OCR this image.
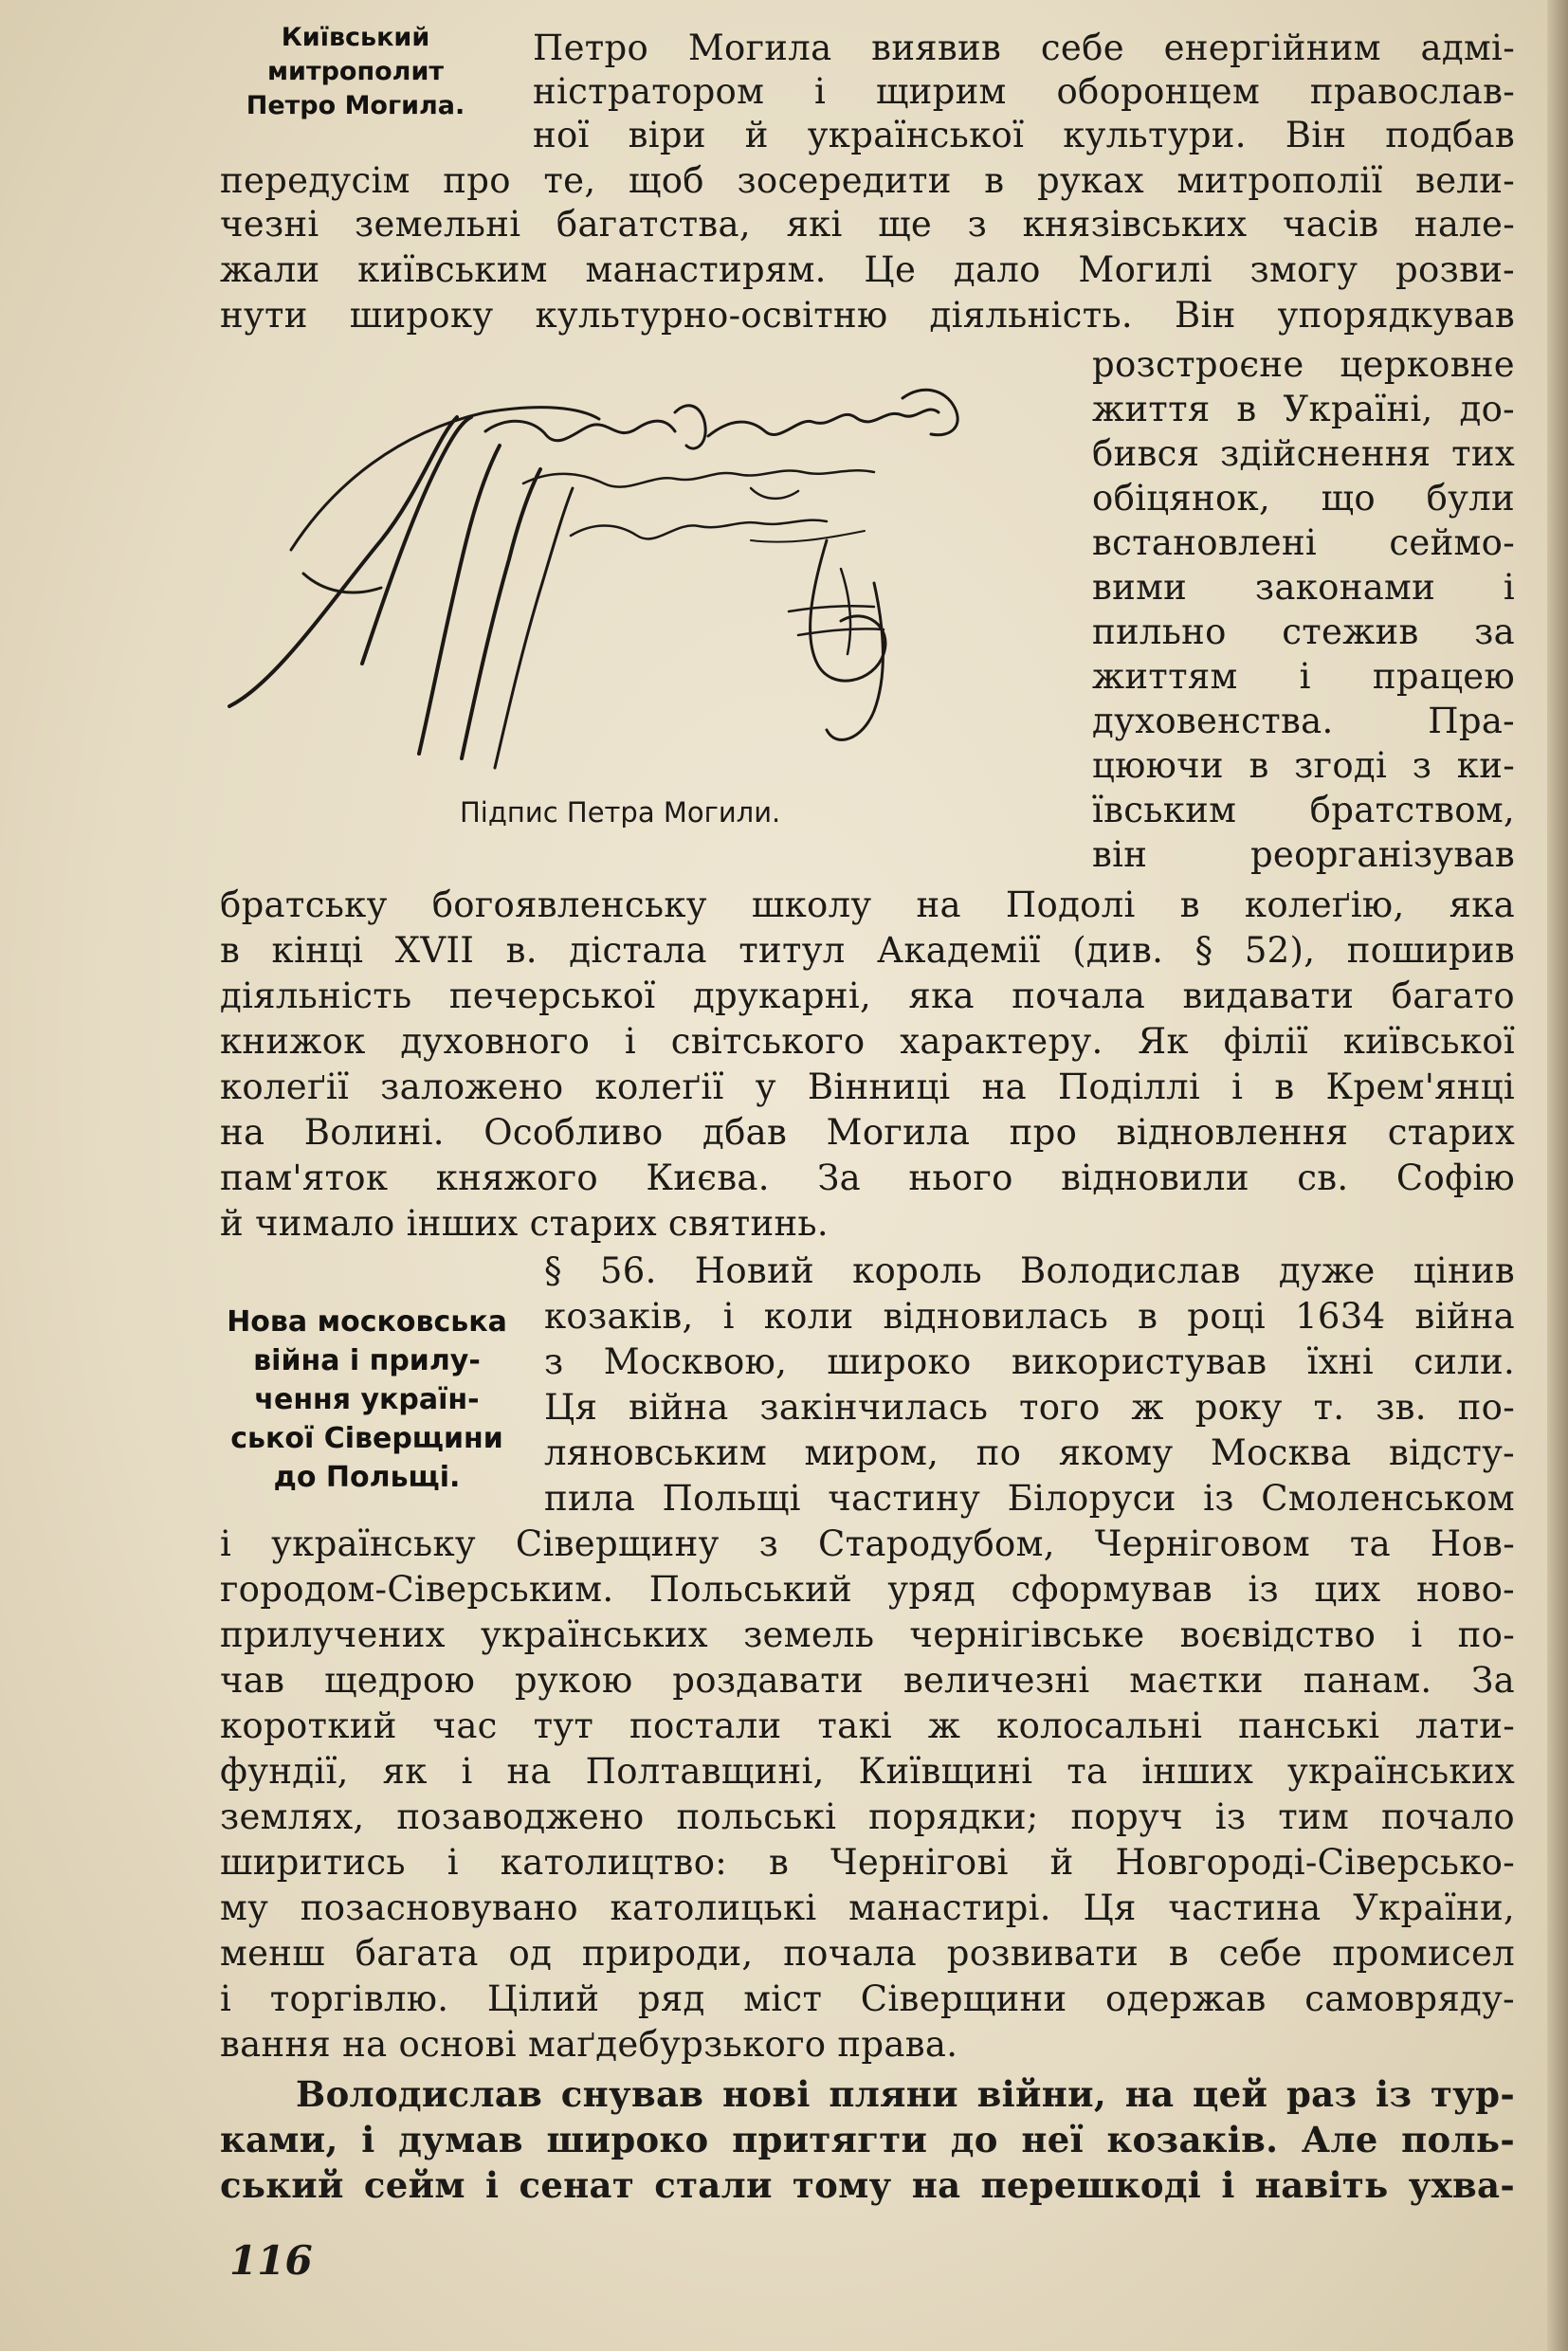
Київський
митрополит
Петро Могила.
Нова московська
війна і прилу-
чення україн-
ської Сіверщини
до Польщі.
Петро Могила виявив себе енергійним адмі-
ністратором і щирим оборонцем православ-
ної віри й української культури. Він подбав
передусім про те, щоб зосередити в руках митрополії вели-
чезні земельні багатства, які ще з князівських часів нале-
жали київським манастирям. Це дало Могилі змогу розви-
нути широку культурно-освітню діяльність. Він упорядкував
розстроєне церковне
життя в Україні, до-
бився здійснення тих
обіцянок, що були
встановлені сеймо-
вими законами і
пильно стежив за
життям і працею
духовенства. Пра-
цюючи в згоді з ки-
ївським братством,
він реорганізував
Підпис Петра Могили.
братську богоявленську школу на Подолі в колеґію, яка
в кінці XVII в. дістала титул Академії (див. § 52), поширив
діяльність печерської друкарні, яка почала видавати багато
книжок духовного і світського характеру. Як філії київської
колеґії заложено колеґії у Вінниці на Поділлі і в Крем'янці
на Волині. Особливо дбав Могила про відновлення старих
пам'яток княжого Києва. За нього відновили св. Софію
й чимало інших старих святинь.
§ 56. Новий король Володислав дуже цінив
козаків, і коли відновилась в році 1634 війна
з Москвою, широко використував їхні сили.
Ця війна закінчилась того ж року т. зв. по-
ляновським миром, по якому Москва відсту-
пила Польщі частину Білоруси із Смоленськом
і українську Сіверщину з Стародубом, Черніговом та Нов-
городом-Сіверським. Польський уряд сформував із цих ново-
прилучених українських земель чернігівське воєвідство і по-
чав щедрою рукою роздавати величезні маєтки панам. За
короткий час тут постали такі ж колосальні панські лати-
фундії, як і на Полтавщині, Київщині та інших українських
землях, позаводжено польські порядки; поруч із тим почало
ширитись і католицтво: в Чернігові й Новгороді-Сіверсько-
му позасновувано католицькі манастирі. Ця частина України,
менш багата од природи, почала розвивати в себе промисел
і торгівлю. Цілий ряд міст Сіверщини одержав самовряду-
вання на основі маґдебурзького права.
Володислав снував нові пляни війни, на цей раз із тур-
ками, і думав широко притягти до неї козаків. Але поль-
ський сейм і сенат стали тому на перешкоді і навіть ухва-
116
